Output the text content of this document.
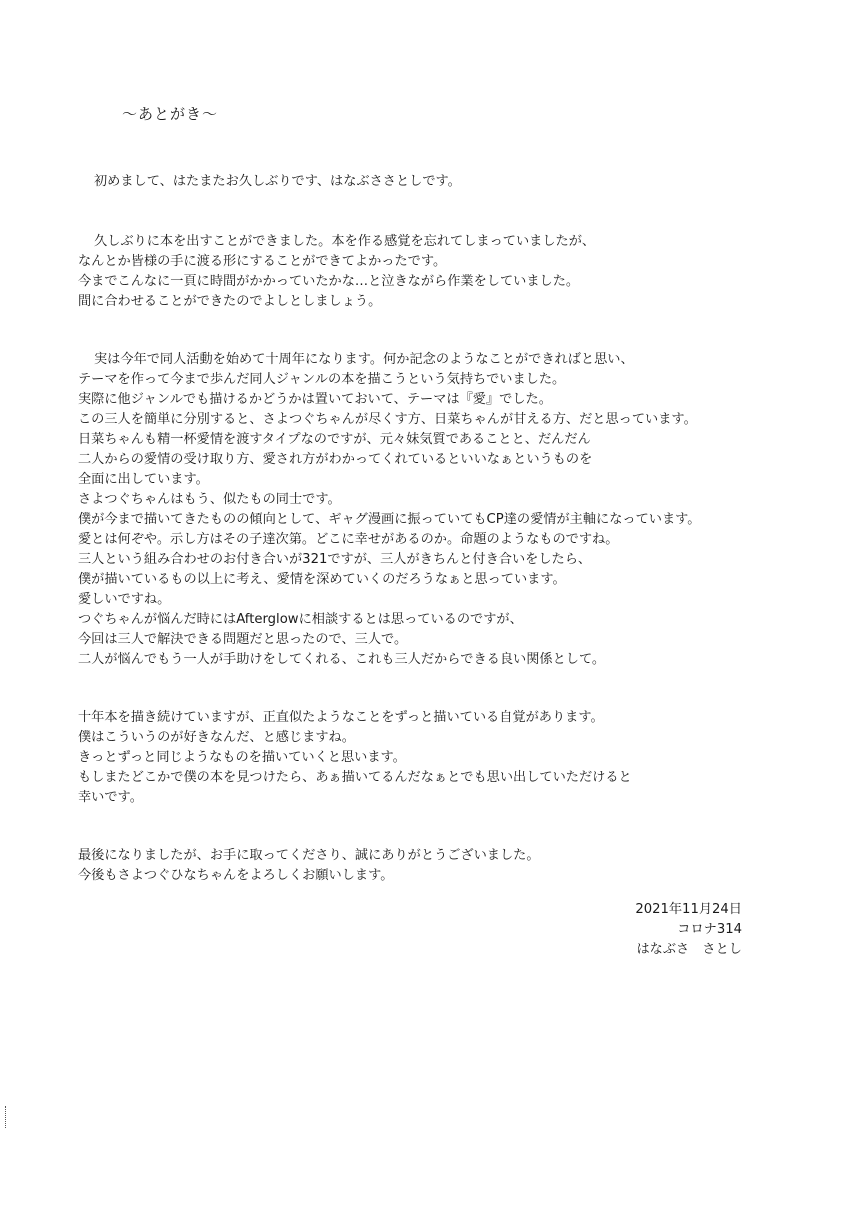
〜あとがき〜
初めまして、はたまたお久しぶりです、はなぶささとしです。
久しぶりに本を出すことができました。本を作る感覚を忘れてしまっていましたが、
なんとか皆様の手に渡る形にすることができてよかったです。
今までこんなに一頁に時間がかかっていたかな…と泣きながら作業をしていました。
間に合わせることができたのでよしとしましょう。
実は今年で同人活動を始めて十周年になります。何か記念のようなことができればと思い、
テーマを作って今まで歩んだ同人ジャンルの本を描こうという気持ちでいました。
実際に他ジャンルでも描けるかどうかは置いておいて、テーマは『愛』でした。
この三人を簡単に分別すると、さよつぐちゃんが尽くす方、日菜ちゃんが甘える方、だと思っています。
日菜ちゃんも精一杯愛情を渡すタイプなのですが、元々妹気質であることと、だんだん
二人からの愛情の受け取り方、愛され方がわかってくれているといいなぁというものを
全面に出しています。
さよつぐちゃんはもう、似たもの同士です。
僕が今まで描いてきたものの傾向として、ギャグ漫画に振っていてもCP達の愛情が主軸になっています。
愛とは何ぞや。示し方はその子達次第。どこに幸せがあるのか。命題のようなものですね。
三人という組み合わせのお付き合いが321ですが、三人がきちんと付き合いをしたら、
僕が描いているもの以上に考え、愛情を深めていくのだろうなぁと思っています。
愛しいですね。
つぐちゃんが悩んだ時にはAfterglowに相談するとは思っているのですが、
今回は三人で解決できる問題だと思ったので、三人で。
二人が悩んでもう一人が手助けをしてくれる、これも三人だからできる良い関係として。
十年本を描き続けていますが、正直似たようなことをずっと描いている自覚があります。
僕はこういうのが好きなんだ、と感じますね。
きっとずっと同じようなものを描いていくと思います。
もしまたどこかで僕の本を見つけたら、あぁ描いてるんだなぁとでも思い出していただけると
幸いです。
最後になりましたが、お手に取ってくださり、誠にありがとうございました。
今後もさよつぐひなちゃんをよろしくお願いします。
2021年11月24日
コロナ314
はなぶさ　さとし
